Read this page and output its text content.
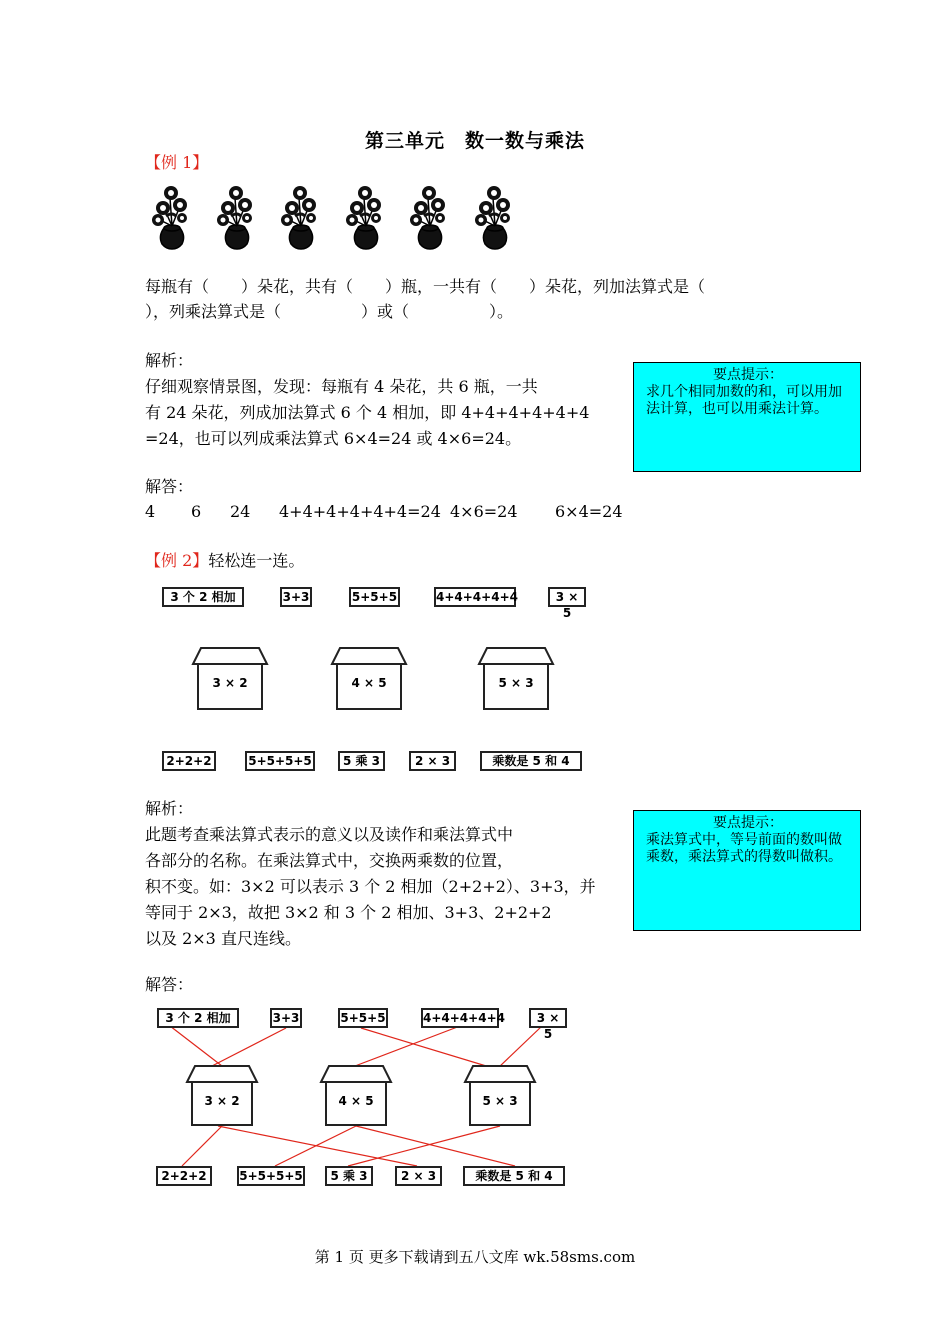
第三单元　数一数与乘法
【例 1】
每瓶有（　　）朵花，共有（　　）瓶，一共有（　　）朵花，列加法算式是（
），列乘法算式是（　　　　　）或（　　　　　）。
解析：
仔细观察情景图，发现：每瓶有 4 朵花，共 6 瓶，一共
有 24 朵花，列成加法算式 6 个 4 相加，即 4+4+4+4+4+4
=24，也可以列成乘法算式 6×4=24 或 4×6=24。
要点提示：
求几个相同加数的和，可以用加法计算，也可以用乘法计算。
解答：
4 6 24 4+4+4+4+4+4=24 4×6=24 6×4=24
【例 2】轻松连一连。
3 个 2 相加	3+3	5+5+5	4+4+4+4+4	3 × 5
3 × 2	4 × 5	5 × 3
2+2+2	5+5+5+5	5 乘 3	2 × 3	乘数是 5 和 4
解析：
此题考查乘法算式表示的意义以及读作和乘法算式中
各部分的名称。在乘法算式中，交换两乘数的位置，
积不变。如：3×2 可以表示 3 个 2 相加（2+2+2）、3+3，并
等同于 2×3，故把 3×2 和 3 个 2 相加、3+3、2+2+2
以及 2×3 直尺连线。
要点提示：
乘法算式中，等号前面的数叫做乘数，乘法算式的得数叫做积。
解答：
3 个 2 相加	3+3	5+5+5	4+4+4+4+4	3 × 5
3 × 2	4 × 5	5 × 3
2+2+2	5+5+5+5	5 乘 3	2 × 3	乘数是 5 和 4
第 1 页 更多下载请到五八文库 wk.58sms.com
